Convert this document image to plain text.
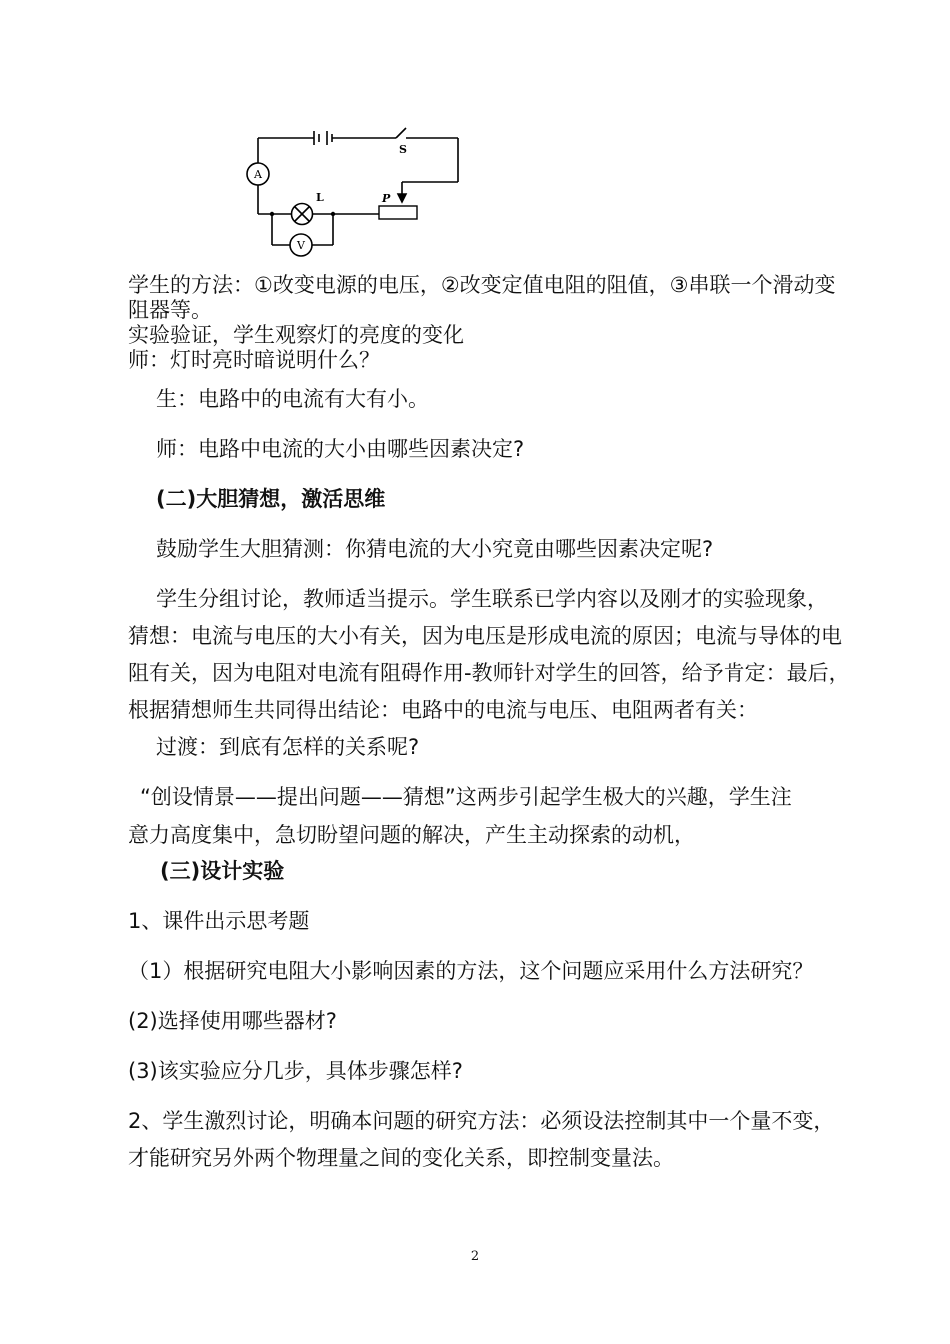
A
V
L
S
P
学生的方法：①改变电源的电压，②改变定值电阻的阻值，③串联一个滑动变
阻器等。
实验验证，学生观察灯的亮度的变化
师：灯时亮时暗说明什么？
生：电路中的电流有大有小。
师：电路中电流的大小由哪些因素决定?
(二)大胆猜想，激活思维
鼓励学生大胆猜测：你猜电流的大小究竟由哪些因素决定呢?
学生分组讨论，教师适当提示。学生联系已学内容以及刚才的实验现象，
猜想：电流与电压的大小有关，因为电压是形成电流的原因；电流与导体的电
阻有关，因为电阻对电流有阻碍作用-教师针对学生的回答，给予肯定：最后，
根据猜想师生共同得出结论：电路中的电流与电压、电阻两者有关：
过渡：到底有怎样的关系呢?
“创设情景——提出问题——猜想”这两步引起学生极大的兴趣，学生注
意力高度集中，急切盼望问题的解决，产生主动探索的动机，
(三)设计实验
1、课件出示思考题
（1）根据研究电阻大小影响因素的方法，这个问题应采用什么方法研究？
(2)选择使用哪些器材?
(3)该实验应分几步，具体步骤怎样?
2、学生激烈讨论，明确本问题的研究方法：必须设法控制其中一个量不变，
才能研究另外两个物理量之间的变化关系，即控制变量法。
2
